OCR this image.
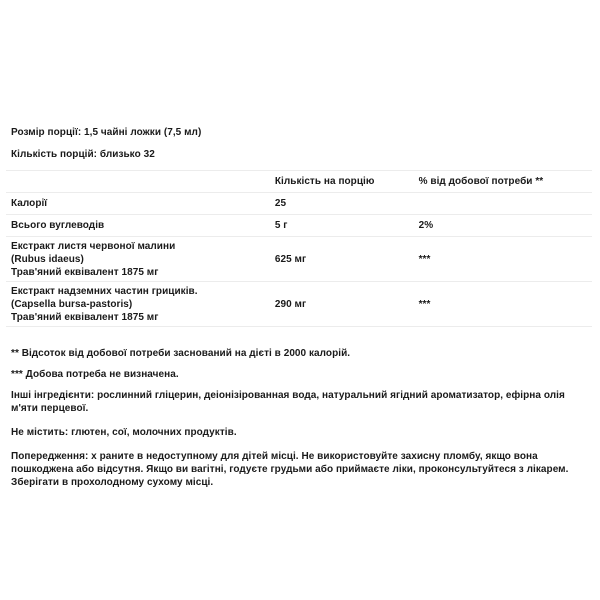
Розмір порції: 1,5 чайні ложки (7,5 мл)

Кількість порцій: близько 32

	Кількість на порцію	% від добової потреби **
Калорії	25	
Всього вуглеводів	5 г	2%

Екстракт листя червоної малини
(Rubus idaeus)
Трав'яний еквівалент 1875 мг	625 мг	***

Екстракт надземних частин грициків.
(Capsella bursa-pastoris)
Трав'яний еквівалент 1875 мг	290 мг	***

** Відсоток від добової потреби заснований на дієті в 2000 калорій.

*** Добова потреба не визначена.

Інші інгредієнти: рослинний гліцерин, деіонізірованная вода, натуральний ягідний ароматизатор, ефірна олія м'яти перцевої.

Не містить: глютен, сої, молочних продуктів.

Попередження: х раните в недоступному для дітей місці. Не використовуйте захисну пломбу, якщо вона пошкоджена або відсутня. Якщо ви вагітні, годуєте грудьми або приймаєте ліки, проконсультуйтеся з лікарем. Зберігати в прохолодному сухому місці.
